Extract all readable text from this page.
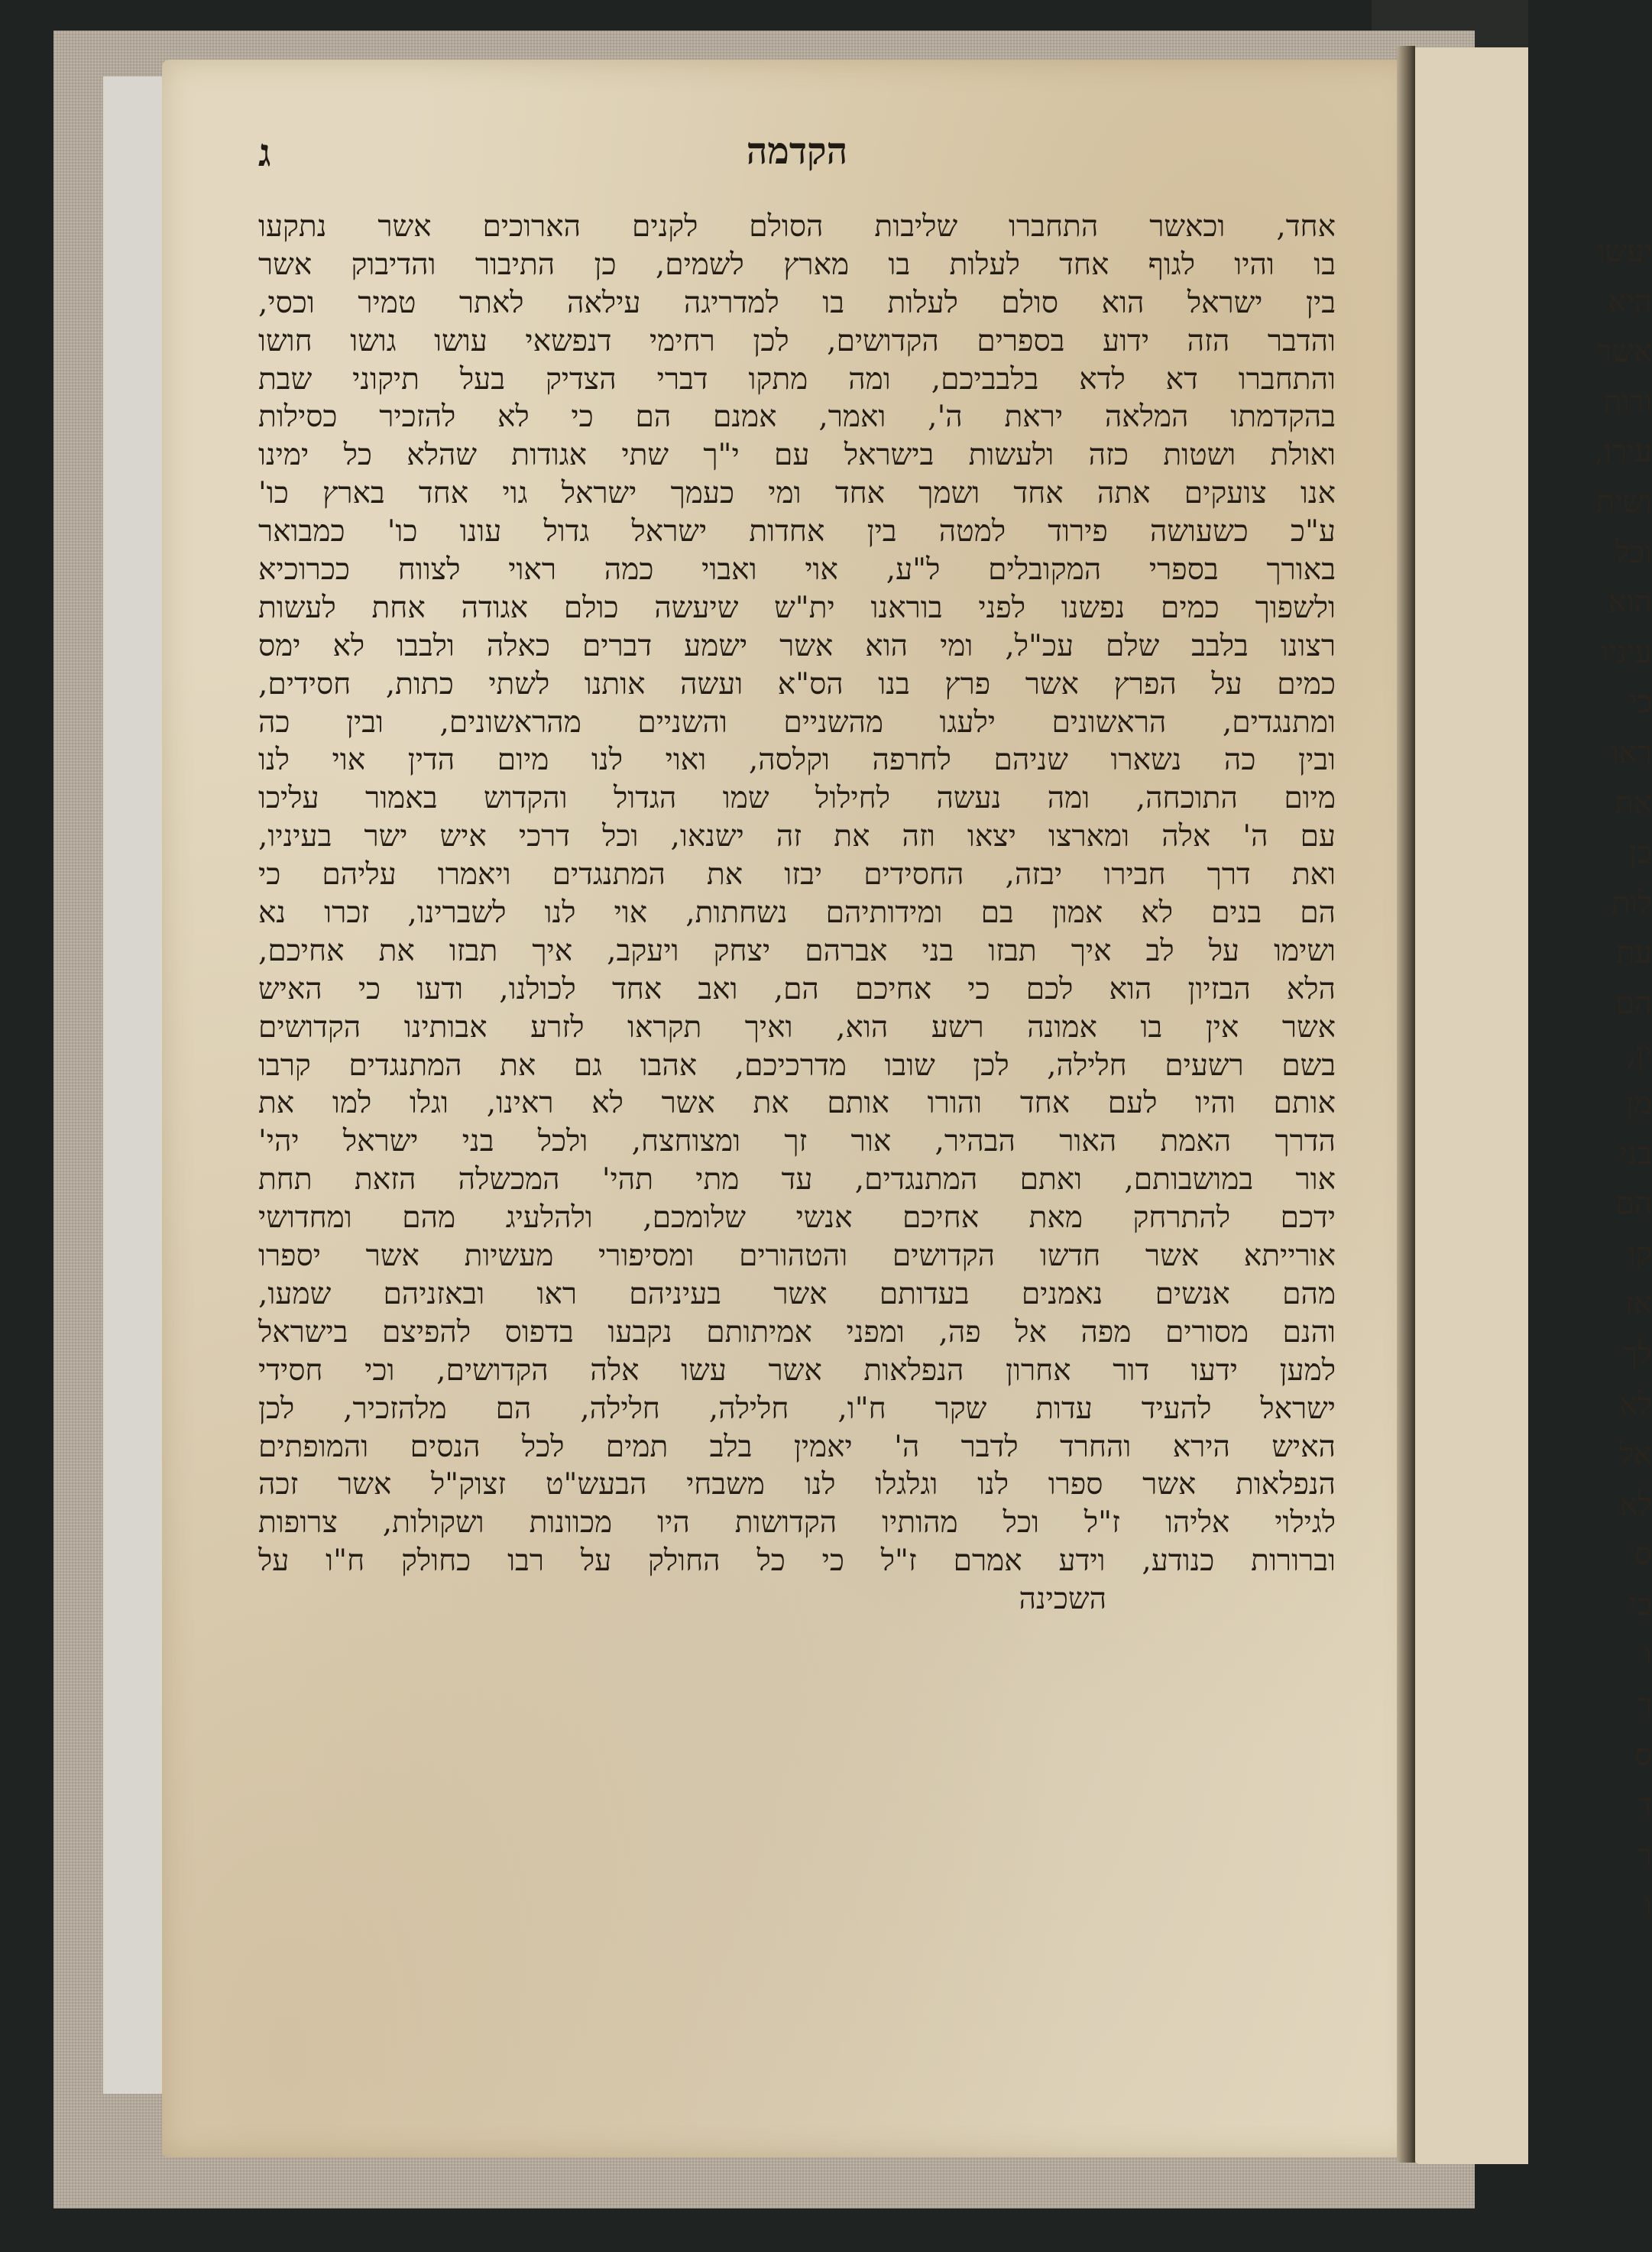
הקדמה
ג
אחד, וכאשר התחברו שליבות הסולם לקנים הארוכים אשר נתקעו
בו והיו לגוף אחד לעלות בו מארץ לשמים, כן התיבור והדיבוק אשר
בין ישראל הוא סולם לעלות בו למדריגה עילאה לאתר טמיר וכסי,
והדבר הזה ידוע בספרים הקדושים, לכן רחימי דנפשאי עושו גושו חושו
והתחברו דא לדא בלבביכם, ומה מתקו דברי הצדיק בעל תיקוני שבת
בהקדמתו המלאה יראת ה', ואמר, אמנם הם כי לא להזכיר כסילות
ואולת ושטות כזה ולעשות בישראל עם י"ך שתי אגודות שהלא כל ימינו
אנו צועקים אתה אחד ושמך אחד ומי כעמך ישראל גוי אחד בארץ כו'
ע"כ כשעושה פירוד למטה בין אחדות ישראל גדול עונו כו' כמבואר
באורך בספרי המקובלים ל"ע, אוי ואבוי כמה ראוי לצווח ככרוכיא
ולשפוך כמים נפשנו לפני בוראנו ית"ש שיעשה כולם אגודה אחת לעשות
רצונו בלבב שלם עכ"ל, ומי הוא אשר ישמע דברים כאלה ולבבו לא ימס
כמים על הפרץ אשר פרץ בנו הס"א ועשה אותנו לשתי כתות, חסידים,
ומתנגדים, הראשונים ילעגו מהשניים והשניים מהראשונים, ובין כה
ובין כה נשארו שניהם לחרפה וקלסה, ואוי לנו מיום הדין אוי לנו
מיום התוכחה, ומה נעשה לחילול שמו הגדול והקדוש באמור עליכו
עם ה' אלה ומארצו יצאו וזה את זה ישנאו, וכל דרכי איש ישר בעיניו,
ואת דרך חבירו יבזה, החסידים יבזו את המתנגדים ויאמרו עליהם כי
הם בנים לא אמון בם ומידותיהם נשחתות, אוי לנו לשברינו, זכרו נא
ושימו על לב איך תבזו בני אברהם יצחק ויעקב, איך תבזו את אחיכם,
הלא הבזיון הוא לכם כי אחיכם הם, ואב אחד לכולנו, ודעו כי האיש
אשר אין בו אמונה רשע הוא, ואיך תקראו לזרע אבותינו הקדושים
בשם רשעים חלילה, לכן שובו מדרכיכם, אהבו גם את המתנגדים קרבו
אותם והיו לעם אחד והורו אותם את אשר לא ראינו, וגלו למו את
הדרך האמת האור הבהיר, אור זך ומצוחצח, ולכל בני ישראל יהי'
אור במושבותם, ואתם המתנגדים, עד מתי תהי' המכשלה הזאת תחת
ידכם להתרחק מאת אחיכם אנשי שלומכם, ולהלעיג מהם ומחדושי
אורייתא אשר חדשו הקדושים והטהורים ומסיפורי מעשיות אשר יספרו
מהם אנשים נאמנים בעדותם אשר בעיניהם ראו ובאזניהם שמעו,
והנם מסורים מפה אל פה, ומפני אמיתותם נקבעו בדפוס להפיצם בישראל
למען ידעו דור אחרון הנפלאות אשר עשו אלה הקדושים, וכי חסידי
ישראל להעיד עדות שקר ח"ו, חלילה, חלילה, הם מלהזכיר, לכן
האיש הירא והחרד לדבר ה' יאמין בלב תמים לכל הנסים והמופתים
הנפלאות אשר ספרו לנו וגלגלו לנו משבחי הבעש"ט זצוק"ל אשר זכה
לגילוי אליהו ז"ל וכל מהותיו הקדושות היו מכוונות ושקולות, צרופות
וברורות כנודע, וידע אמרם ז"ל כי כל החולק על רבו כחולק ח"ו על
השכינה
יעשו
היא
אשר
ודות
עירו,
ושית
וכל
הוא
עיניו
כי
ראו
את
כן
לות
עת
הם
ין,
מן
בני
הם
קו
אז
לך
לא
אל
לא
ס
כי
ו
ר
ס
ד
ר
ו
